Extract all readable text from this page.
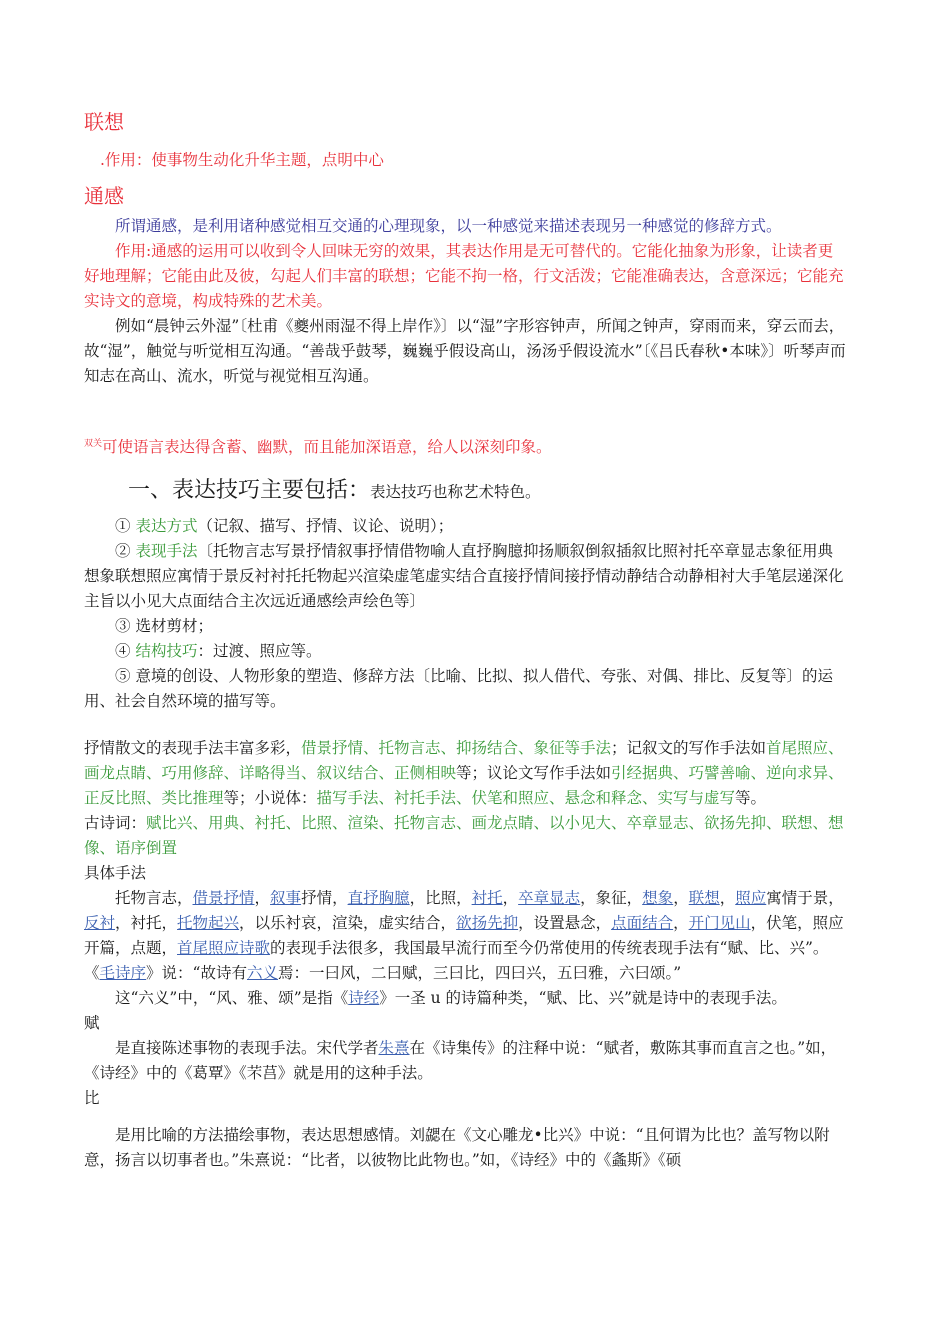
联想
.作用：使事物生动化升华主题，点明中心
通感

所谓通感，是利用诸种感觉相互交通的心理现象，以一种感觉来描述表现另一种感觉的修辞方式。

作用:通感的运用可以收到令人回味无穷的效果，其表达作用是无可替代的。它能化抽象为形象，让读者更好地理解；它能由此及彼，勾起人们丰富的联想；它能不拘一格，行文活泼；它能准确表达，含意深远；它能充实诗文的意境，构成特殊的艺术美。

例如“晨钟云外湿”〔杜甫《夔州雨湿不得上岸作》〕以“湿”字形容钟声，所闻之钟声，穿雨而来，穿云而去，故“湿”，触觉与听觉相互沟通。“善哉乎鼓琴，巍巍乎假设高山，汤汤乎假设流水”〔《吕氏春秋•本味》〕听琴声而知志在高山、流水，听觉与视觉相互沟通。

$^{双关}$可使语言表达得含蓄、幽默，而且能加深语意，给人以深刻印象。
一、表达技巧主要包括：表达技巧也称艺术特色。

① 表达方式（记叙、描写、抒情、议论、说明）；

② 表现手法〔托物言志写景抒情叙事抒情借物喻人直抒胸臆抑扬顺叙倒叙插叙比照衬托卒章显志象征用典想象联想照应寓情于景反衬衬托托物起兴渲染虚笔虚实结合直接抒情间接抒情动静结合动静相衬大手笔层递深化主旨以小见大点面结合主次远近通感绘声绘色等〕

③ 选材剪材；

④ 结构技巧：过渡、照应等。

⑤ 意境的创设、人物形象的塑造、修辞方法〔比喻、比拟、拟人借代、夸张、对偶、排比、反复等〕的运用、社会自然环境的描写等。

抒情散文的表现手法丰富多彩，借景抒情、托物言志、抑扬结合、象征等手法；记叙文的写作手法如首尾照应、画龙点睛、巧用修辞、详略得当、叙议结合、正侧相映等；议论文写作手法如引经据典、巧譬善喻、逆向求异、正反比照、类比推理等；小说体：描写手法、衬托手法、伏笔和照应、悬念和释念、实写与虚写等。

古诗词：赋比兴、用典、衬托、比照、渲染、托物言志、画龙点睛、以小见大、卒章显志、欲扬先抑、联想、想像、语序倒置

具体手法

托物言志，借景抒情，叙事抒情，直抒胸臆，比照，衬托，卒章显志，象征，想象，联想，照应寓情于景，反衬，衬托，托物起兴，以乐衬哀，渲染，虚实结合，欲扬先抑，设置悬念，点面结合，开门见山，伏笔，照应开篇，点题，首尾照应诗歌的表现手法很多，我国最早流行而至今仍常使用的传统表现手法有“赋、比、兴”。《毛诗序》说：“故诗有六义焉：一曰风，二曰赋，三曰比，四曰兴，五曰雅，六曰颂。”

这“六义”中，“风、雅、颂”是指《诗经》一圣 u 的诗篇种类，“赋、比、兴”就是诗中的表现手法。

赋

是直接陈述事物的表现手法。宋代学者朱熹在《诗集传》的注释中说：“赋者，敷陈其事而直言之也。”如，《诗经》中的《葛覃》《芣莒》就是用的这种手法。

比

是用比喻的方法描绘事物，表达思想感情。刘勰在《文心雕龙•比兴》中说：“且何谓为比也？盖写物以附意，扬言以切事者也。”朱熹说：“比者，以彼物比此物也。”如，《诗经》中的《螽斯》《硕
